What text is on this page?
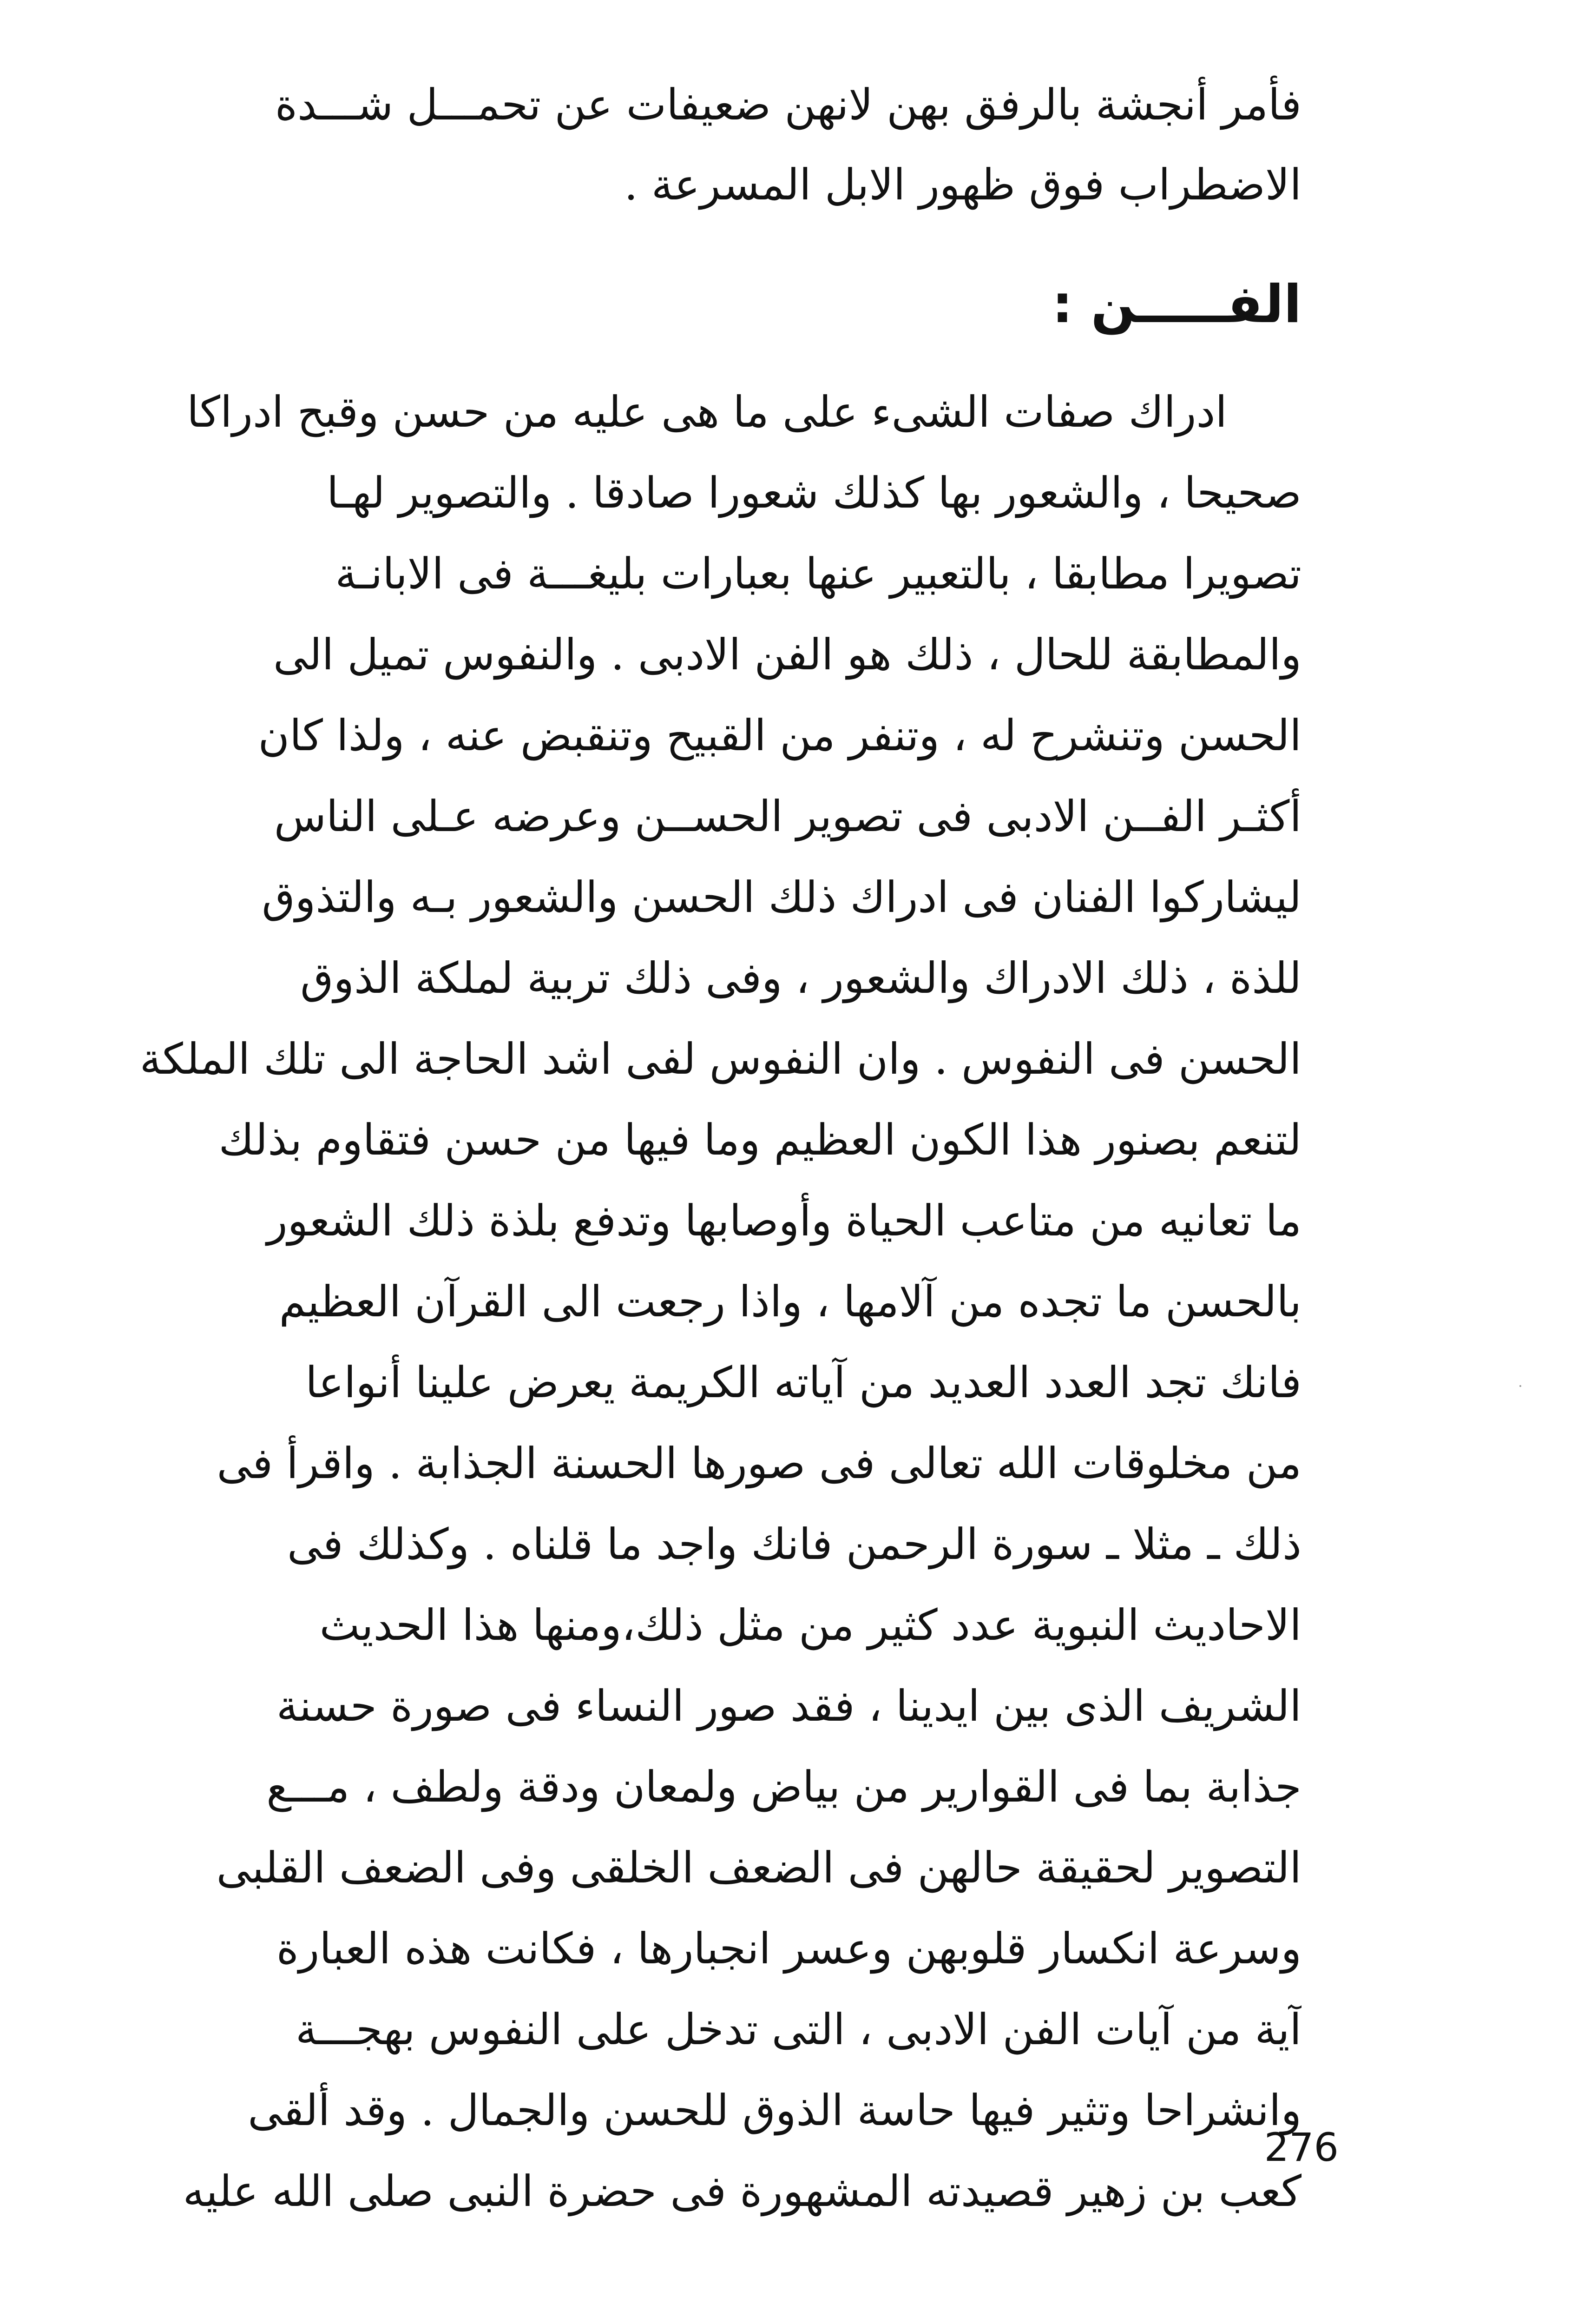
فأمر أنجشة بالرفق بهن لانهن ضعيفات عن تحمـــل شـــدة
الاضطراب فوق ظهور الابل المسرعة .
الفـــــن :
ادراك صفات الشىء على ما هى عليه من حسن وقبح ادراكا
صحيحا ، والشعور بها كذلك شعورا صادقا . والتصوير لهـا
تصويرا مطابقا ، بالتعبير عنها بعبارات بليغـــة فى الابانـة
والمطابقة للحال ، ذلك هو الفن الادبى . والنفوس تميل الى
الحسن وتنشرح له ، وتنفر من القبيح وتنقبض عنه ، ولذا كان
أكثـر الفــن الادبى فى تصوير الحســن وعرضه عـلى الناس
ليشاركوا الفنان فى ادراك ذلك الحسن والشعور بـه والتذوق
للذة ، ذلك الادراك والشعور ، وفى ذلك تربية لملكة الذوق
الحسن فى النفوس . وان النفوس لفى اشد الحاجة الى تلك الملكة
لتنعم بصنور هذا الكون العظيم وما فيها من حسن فتقاوم بذلك
ما تعانيه من متاعب الحياة وأوصابها وتدفع بلذة ذلك الشعور
بالحسن ما تجده من آلامها ، واذا رجعت الى القرآن العظيم
فانك تجد العدد العديد من آياته الكريمة يعرض علينا أنواعا
من مخلوقات الله تعالى فى صورها الحسنة الجذابة . واقرأ فى
ذلك ـ مثلا ـ سورة الرحمن فانك واجد ما قلناه . وكذلك فى
الاحاديث النبوية عدد كثير من مثل ذلك،ومنها هذا الحديث
الشريف الذى بين ايدينا ، فقد صور النساء فى صورة حسنة
جذابة بما فى القوارير من بياض ولمعان ودقة ولطف ، مـــع
التصوير لحقيقة حالهن فى الضعف الخلقى وفى الضعف القلبى
وسرعة انكسار قلوبهن وعسر انجبارها ، فكانت هذه العبارة
آية من آيات الفن الادبى ، التى تدخل على النفوس بهجـــة
وانشراحا وتثير فيها حاسة الذوق للحسن والجمال . وقد ألقى
كعب بن زهير قصيدته المشهورة فى حضرة النبى صلى الله عليه
276
